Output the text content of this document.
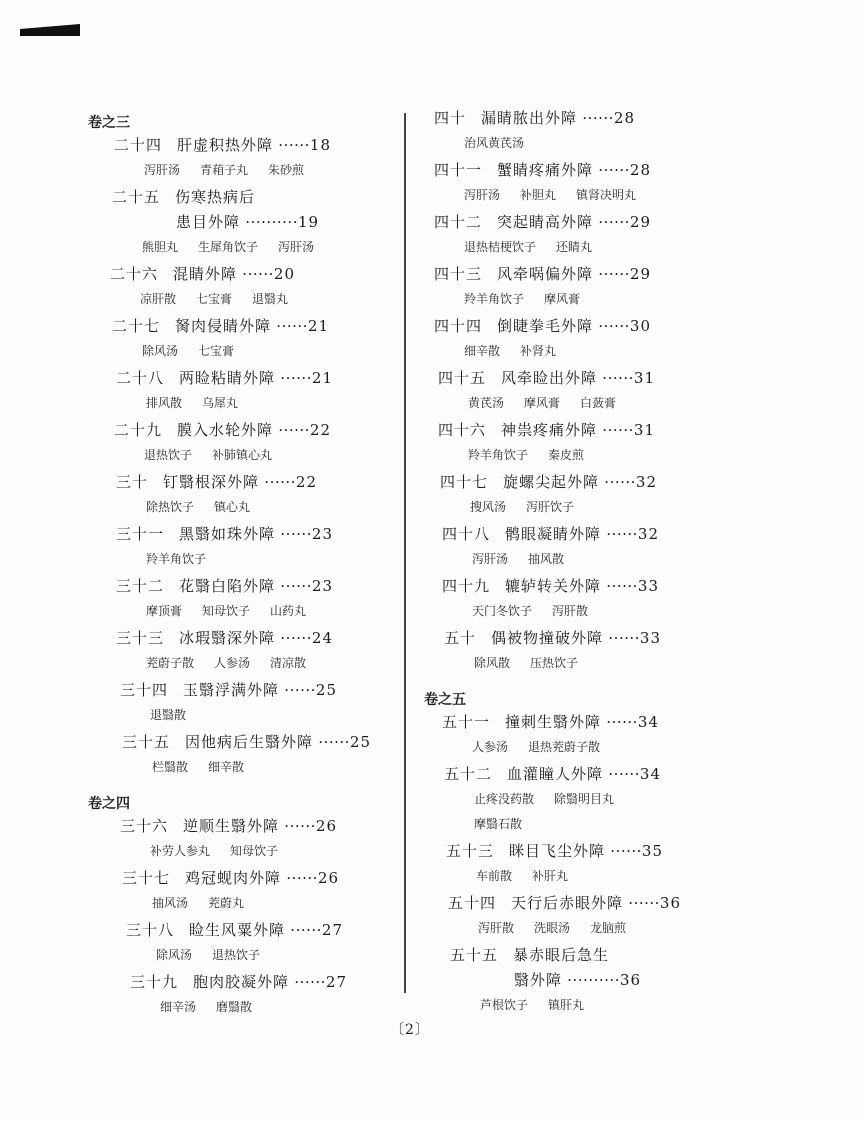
卷之三
二十四 肝虚积热外障 ······18
泻肝汤 青葙子丸 朱砂煎
二十五 伤寒热病后
患目外障 ··········19
熊胆丸 生犀角饮子 泻肝汤
二十六 混睛外障 ······20
凉肝散 七宝膏 退翳丸
二十七 胬肉侵睛外障 ······21
除风汤 七宝膏
二十八 两睑粘睛外障 ······21
排风散 乌犀丸
二十九 膜入水轮外障 ······22
退热饮子 补肺镇心丸
三十 钉翳根深外障 ······22
除热饮子 镇心丸
三十一 黑翳如珠外障 ······23
羚羊角饮子
三十二 花翳白陷外障 ······23
摩顶膏 知母饮子 山药丸
三十三 冰瑕翳深外障 ······24
茺蔚子散 人参汤 清凉散
三十四 玉翳浮满外障 ······25
退翳散
三十五 因他病后生翳外障 ······25
栏翳散 细辛散
卷之四
三十六 逆顺生翳外障 ······26
补劳人参丸 知母饮子
三十七 鸡冠蚬肉外障 ······26
抽风汤 茺蔚丸
三十八 睑生风粟外障 ······27
除风汤 退热饮子
三十九 胞肉胶凝外障 ······27
细辛汤 磨翳散
四十 漏睛脓出外障 ······28
治风黄芪汤
四十一 蟹睛疼痛外障 ······28
泻肝汤 补胆丸 镇肾决明丸
四十二 突起睛高外障 ······29
退热桔梗饮子 还睛丸
四十三 风牵㖞偏外障 ······29
羚羊角饮子 摩风膏
四十四 倒睫拳毛外障 ······30
细辛散 补肾丸
四十五 风牵睑出外障 ······31
黄芪汤 摩风膏 白蔹膏
四十六 神祟疼痛外障 ······31
羚羊角饮子 秦皮煎
四十七 旋螺尖起外障 ······32
搜风汤 泻肝饮子
四十八 鹘眼凝睛外障 ······32
泻肝汤 抽风散
四十九 辘轳转关外障 ······33
天门冬饮子 泻肝散
五十 偶被物撞破外障 ······33
除风散 压热饮子
卷之五
五十一 撞刺生翳外障 ······34
人参汤 退热茺蔚子散
五十二 血灌瞳人外障 ······34
止疼没药散 除翳明目丸
摩翳石散
五十三 眯目飞尘外障 ······35
车前散 补肝丸
五十四 天行后赤眼外障 ······36
泻肝散 洗眼汤 龙脑煎
五十五 暴赤眼后急生
翳外障 ··········36
芦根饮子 镇肝丸
〔2〕
